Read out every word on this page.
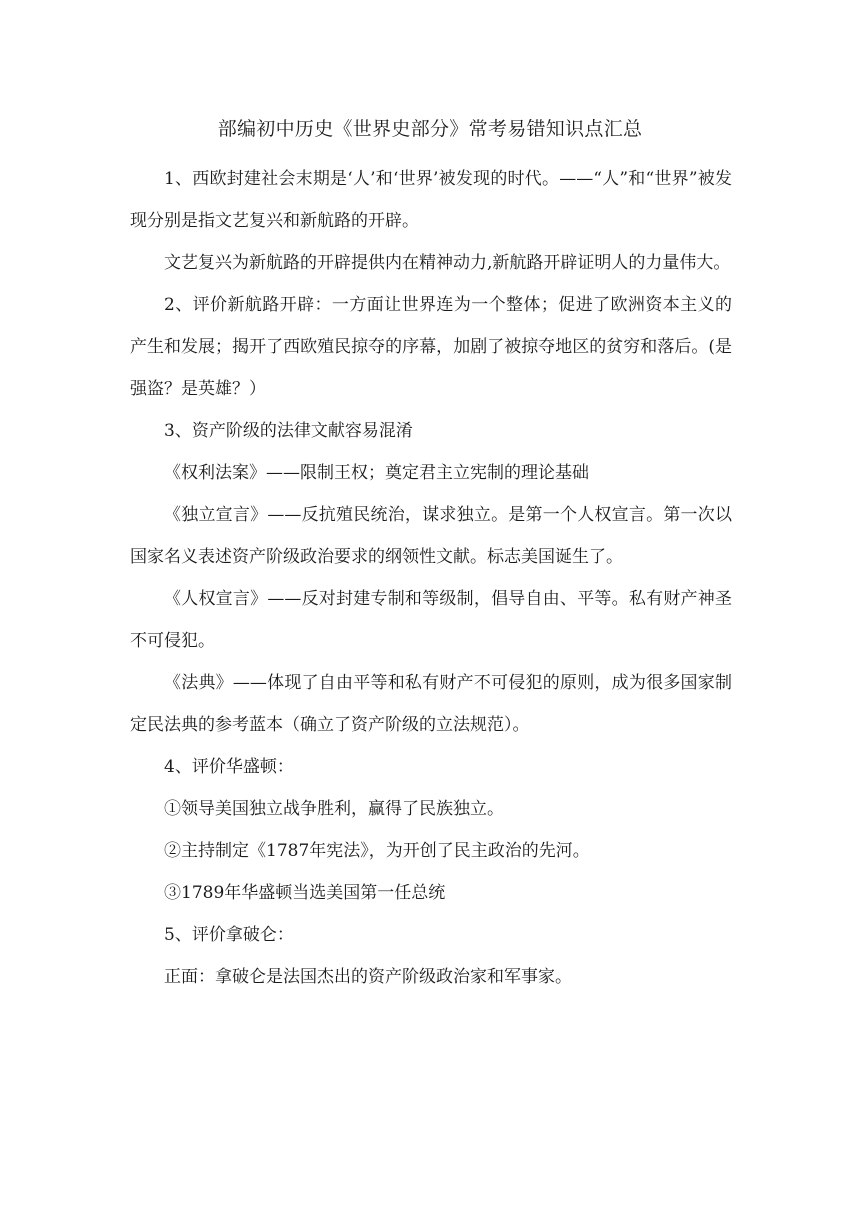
部编初中历史《世界史部分》常考易错知识点汇总

1、西欧封建社会末期是‘人’和‘世界’被发现的时代。——“人”和“世界”被发现分别是指文艺复兴和新航路的开辟。

文艺复兴为新航路的开辟提供内在精神动力,新航路开辟证明人的力量伟大。

2、评价新航路开辟：一方面让世界连为一个整体；促进了欧洲资本主义的产生和发展；揭开了西欧殖民掠夺的序幕，加剧了被掠夺地区的贫穷和落后。(是强盗？是英雄？）

3、资产阶级的法律文献容易混淆

《权利法案》——限制王权；奠定君主立宪制的理论基础

《独立宣言》——反抗殖民统治，谋求独立。是第一个人权宣言。第一次以国家名义表述资产阶级政治要求的纲领性文献。标志美国诞生了。

《人权宣言》——反对封建专制和等级制，倡导自由、平等。私有财产神圣不可侵犯。

《法典》——体现了自由平等和私有财产不可侵犯的原则，成为很多国家制定民法典的参考蓝本（确立了资产阶级的立法规范）。

4、评价华盛顿：

①领导美国独立战争胜利，赢得了民族独立。

②主持制定《1787年宪法》，为开创了民主政治的先河。

③1789年华盛顿当选美国第一任总统

5、评价拿破仑：

正面：拿破仑是法国杰出的资产阶级政治家和军事家。
